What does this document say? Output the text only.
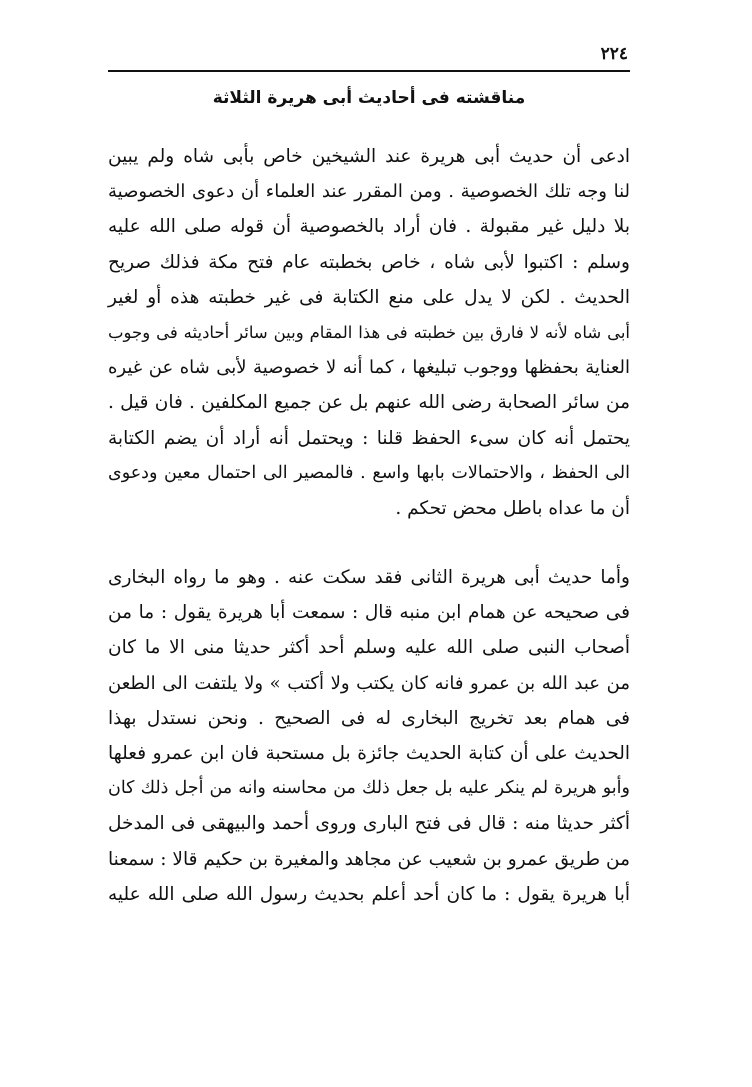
٢٢٤
مناقشته فى أحاديث أبى هريرة الثلاثة
ادعى أن حديث أبى هريرة عند الشيخين خاص بأبى شاه ولم يبين
لنا وجه تلك الخصوصية . ومن المقرر عند العلماء أن دعوى الخصوصية
بلا دليل غير مقبولة . فان أراد بالخصوصية أن قوله صلى الله عليه
وسلم : اكتبوا لأبى شاه ، خاص بخطبته عام فتح مكة فذلك صريح
الحديث . لكن لا يدل على منع الكتابة فى غير خطبته هذه أو لغير
أبى شاه لأنه لا فارق بين خطبته فى هذا المقام وبين سائر أحاديثه فى وجوب
العناية بحفظها ووجوب تبليغها ، كما أنه لا خصوصية لأبى شاه عن غيره
من سائر الصحابة رضى الله عنهم بل عن جميع المكلفين . فان قيل .
يحتمل أنه كان سىء الحفظ قلنا : ويحتمل أنه أراد أن يضم الكتابة
الى الحفظ ، والاحتمالات بابها واسع . فالمصير الى احتمال معين ودعوى
أن ما عداه باطل محض تحكم .
وأما حديث أبى هريرة الثانى فقد سكت عنه . وهو ما رواه البخارى
فى صحيحه عن همام ابن منبه قال : سمعت أبا هريرة يقول : ما من
أصحاب النبى صلى الله عليه وسلم أحد أكثر حديثا منى الا ما كان
من عبد الله بن عمرو فانه كان يكتب ولا أكتب » ولا يلتفت الى الطعن
فى همام بعد تخريج البخارى له فى الصحيح . ونحن نستدل بهذا
الحديث على أن كتابة الحديث جائزة بل مستحبة فان ابن عمرو فعلها
وأبو هريرة لم ينكر عليه بل جعل ذلك من محاسنه وانه من أجل ذلك كان
أكثر حديثا منه : قال فى فتح البارى وروى أحمد والبيهقى فى المدخل
من طريق عمرو بن شعيب عن مجاهد والمغيرة بن حكيم قالا : سمعنا
أبا هريرة يقول : ما كان أحد أعلم بحديث رسول الله صلى الله عليه
